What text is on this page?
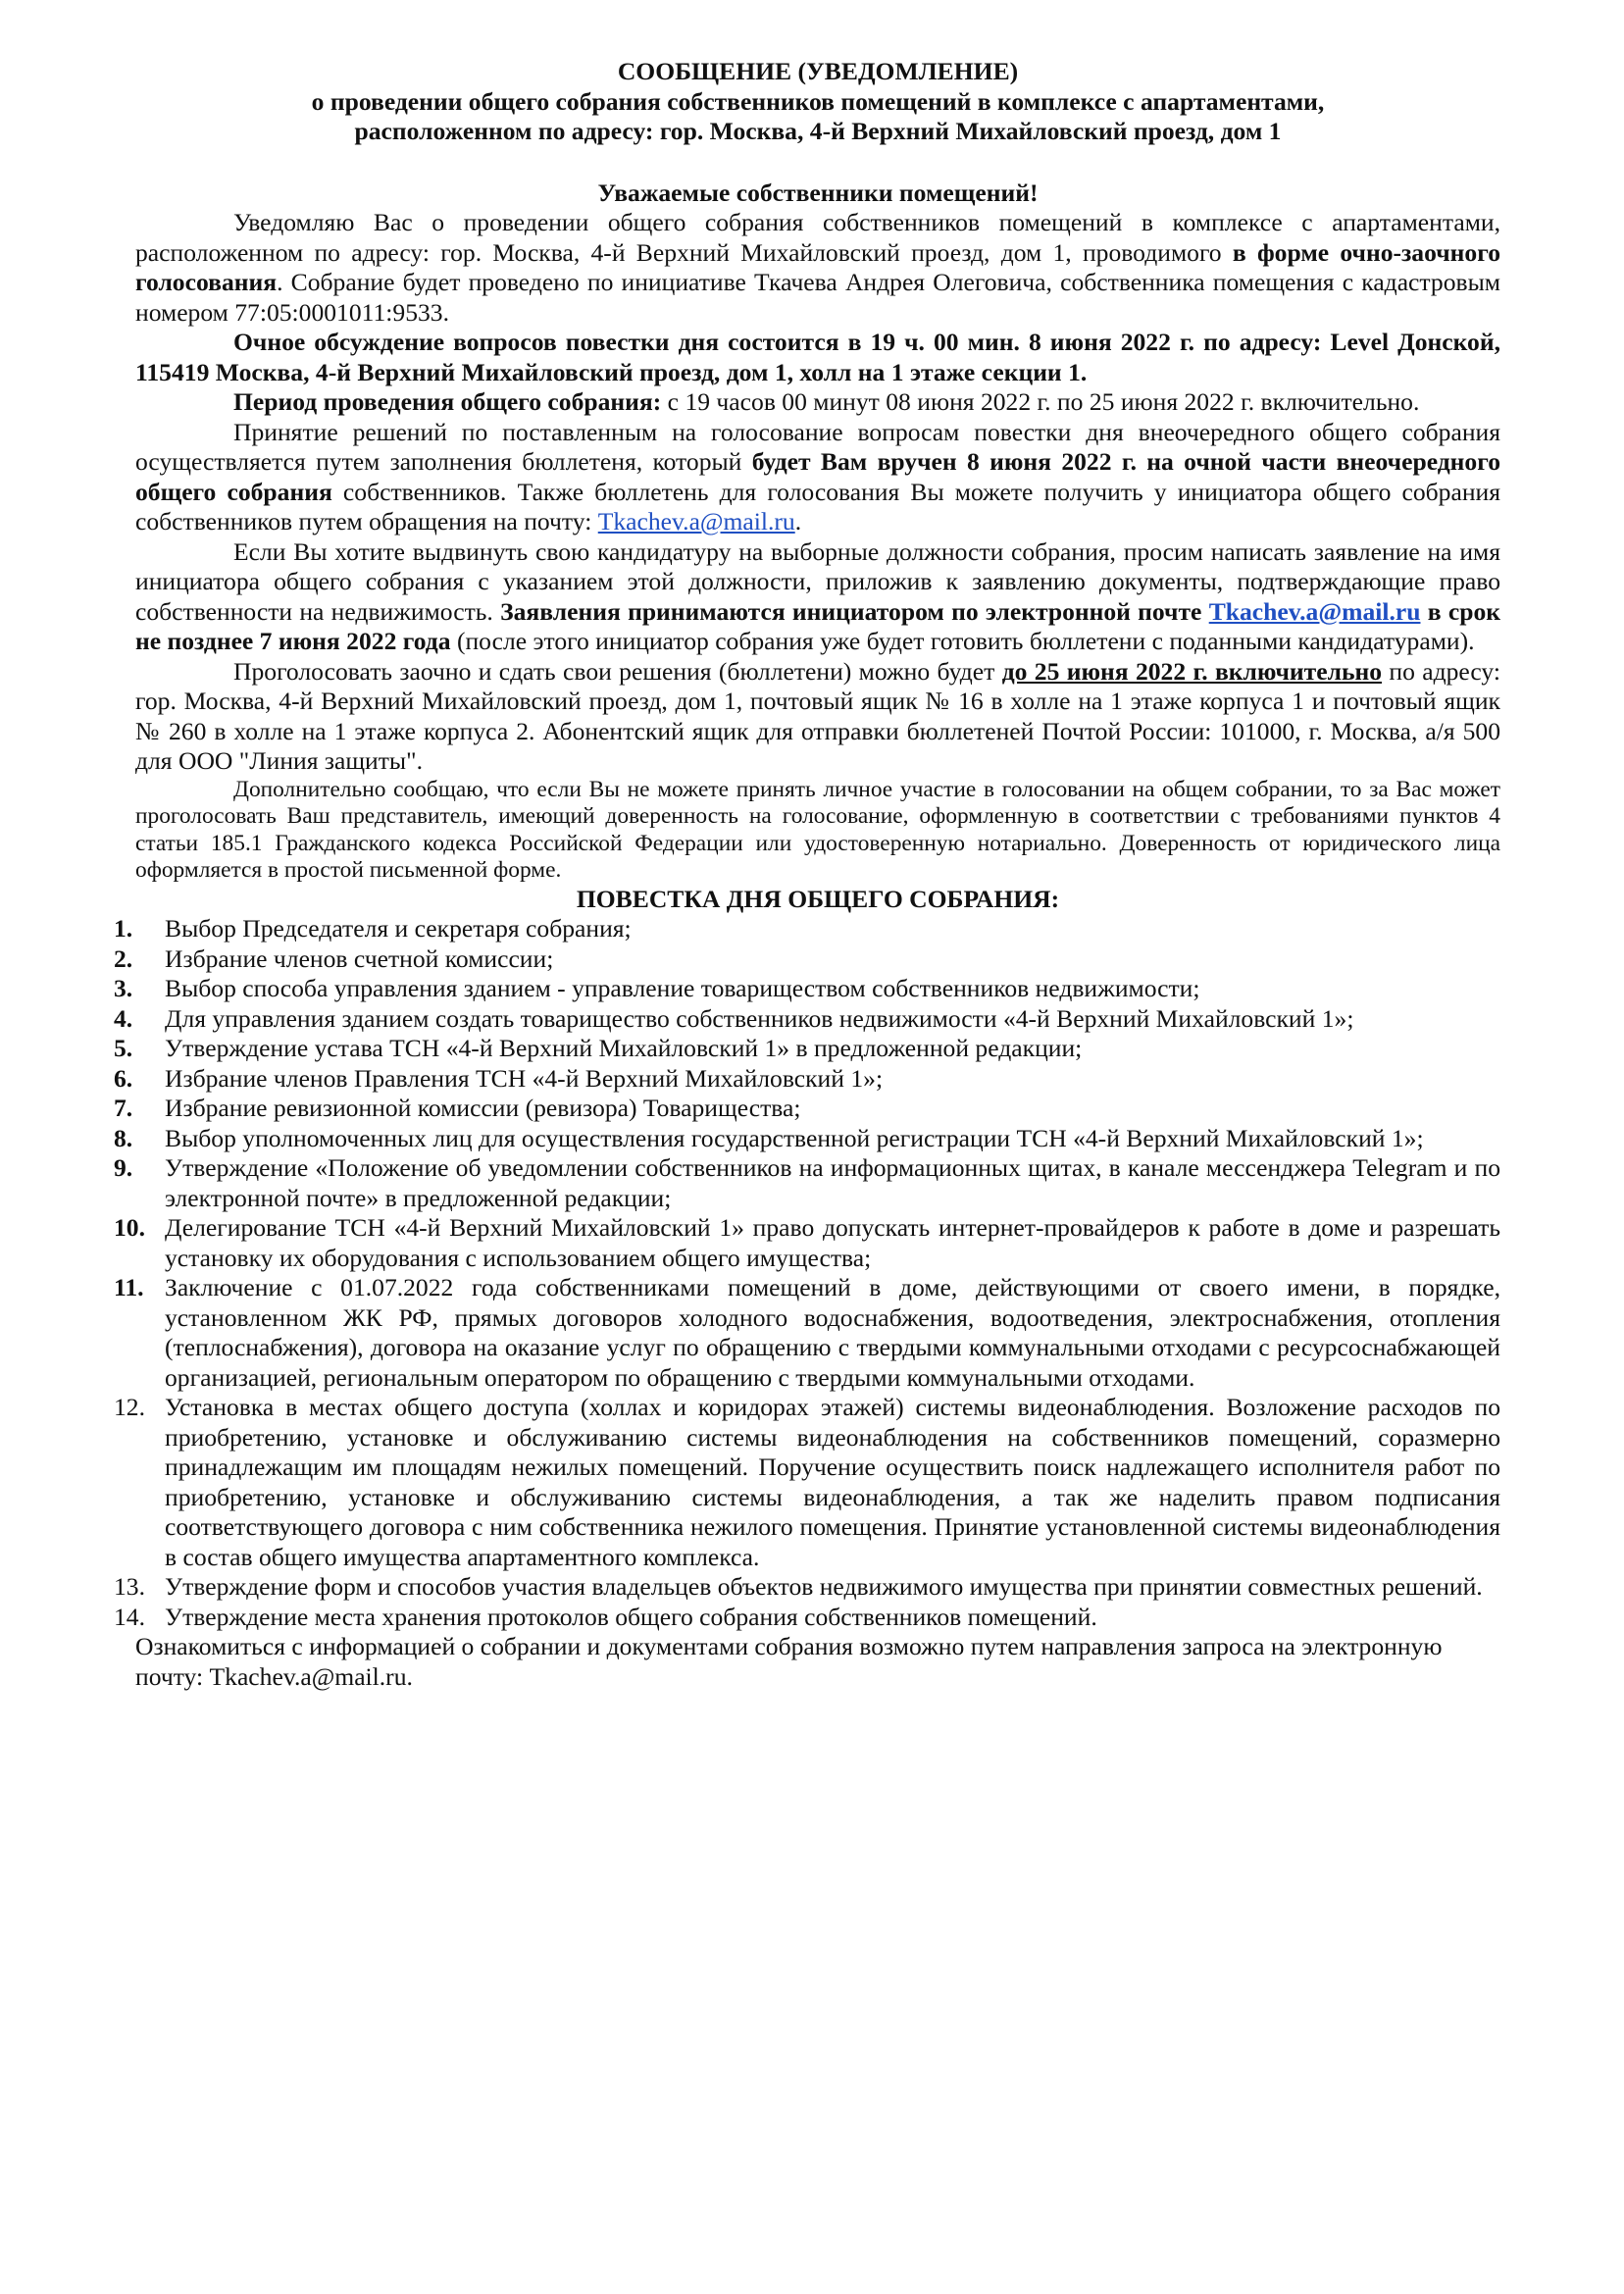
СООБЩЕНИЕ (УВЕДОМЛЕНИЕ)
о проведении общего собрания собственников помещений в комплексе с апартаментами,
расположенном по адресу: гор. Москва, 4-й Верхний Михайловский проезд, дом 1
Уважаемые собственники помещений!

Уведомляю Вас о проведении общего собрания собственников помещений в комплексе с апартаментами, расположенном по адресу: гор. Москва, 4-й Верхний Михайловский проезд, дом 1, проводимого в форме очно-заочного голосования. Собрание будет проведено по инициативе Ткачева Андрея Олеговича, собственника помещения с кадастровым номером 77:05:0001011:9533.

Очное обсуждение вопросов повестки дня состоится в 19 ч. 00 мин. 8 июня 2022 г. по адресу: Level Донской, 115419 Москва, 4-й Верхний Михайловский проезд, дом 1, холл на 1 этаже секции 1.

Период проведения общего собрания: с 19 часов 00 минут 08 июня 2022 г. по 25 июня 2022 г. включительно.

Принятие решений по поставленным на голосование вопросам повестки дня внеочередного общего собрания осуществляется путем заполнения бюллетеня, который будет Вам вручен 8 июня 2022 г. на очной части внеочередного общего собрания собственников. Также бюллетень для голосования Вы можете получить у инициатора общего собрания собственников путем обращения на почту: Tkachev.a@mail.ru.

Если Вы хотите выдвинуть свою кандидатуру на выборные должности собрания, просим написать заявление на имя инициатора общего собрания с указанием этой должности, приложив к заявлению документы, подтверждающие право собственности на недвижимость. Заявления принимаются инициатором по электронной почте Tkachev.a@mail.ru в срок не позднее 7 июня 2022 года (после этого инициатор собрания уже будет готовить бюллетени с поданными кандидатурами).

Проголосовать заочно и сдать свои решения (бюллетени) можно будет до 25 июня 2022 г. включительно по адресу: гор. Москва, 4-й Верхний Михайловский проезд, дом 1, почтовый ящик № 16 в холле на 1 этаже корпуса 1 и почтовый ящик № 260 в холле на 1 этаже корпуса 2. Абонентский ящик для отправки бюллетеней Почтой России: 101000, г. Москва, а/я 500 для ООО "Линия защиты".

Дополнительно сообщаю, что если Вы не можете принять личное участие в голосовании на общем собрании, то за Вас может проголосовать Ваш представитель, имеющий доверенность на голосование, оформленную в соответствии с требованиями пунктов 4 статьи 185.1 Гражданского кодекса Российской Федерации или удостоверенную нотариально. Доверенность от юридического лица оформляется в простой письменной форме.

ПОВЕСТКА ДНЯ ОБЩЕГО СОБРАНИЯ:
1.	Выбор Председателя и секретаря собрания;
2.	Избрание членов счетной комиссии;
3.	Выбор способа управления зданием - управление товариществом собственников недвижимости;
4.	Для управления зданием создать товарищество собственников недвижимости «4-й Верхний Михайловский 1»;
5.	Утверждение устава ТСН «4-й Верхний Михайловский 1» в предложенной редакции;
6.	Избрание членов Правления ТСН «4-й Верхний Михайловский 1»;
7.	Избрание ревизионной комиссии (ревизора) Товарищества;
8.	Выбор уполномоченных лиц для осуществления государственной регистрации ТСН «4-й Верхний Михайловский 1»;
9.	Утверждение «Положение об уведомлении собственников на информационных щитах, в канале мессенджера Telegram и по электронной почте» в предложенной редакции;
10. Делегирование ТСН «4-й Верхний Михайловский 1» право допускать интернет-провайдеров к работе в доме и разрешать установку их оборудования с использованием общего имущества;
11. Заключение с 01.07.2022 года собственниками помещений в доме, действующими от своего имени, в порядке, установленном ЖК РФ, прямых договоров холодного водоснабжения, водоотведения, электроснабжения, отопления (теплоснабжения), договора на оказание услуг по обращению с твердыми коммунальными отходами с ресурсоснабжающей организацией, региональным оператором по обращению с твердыми коммунальными отходами.
12. Установка в местах общего доступа (холлах и коридорах этажей) системы видеонаблюдения. Возложение расходов по приобретению, установке и обслуживанию системы видеонаблюдения на собственников помещений, соразмерно принадлежащим им площадям нежилых помещений. Поручение осуществить поиск надлежащего исполнителя работ по приобретению, установке и обслуживанию системы видеонаблюдения, а так же наделить правом подписания соответствующего договора с ним собственника нежилого помещения. Принятие установленной системы видеонаблюдения в состав общего имущества апартаментного комплекса.
13. Утверждение форм и способов участия владельцев объектов недвижимого имущества при принятии совместных решений.
14. Утверждение места хранения протоколов общего собрания собственников помещений.

Ознакомиться с информацией о собрании и документами собрания возможно путем направления запроса на электронную почту: Tkachev.a@mail.ru.
